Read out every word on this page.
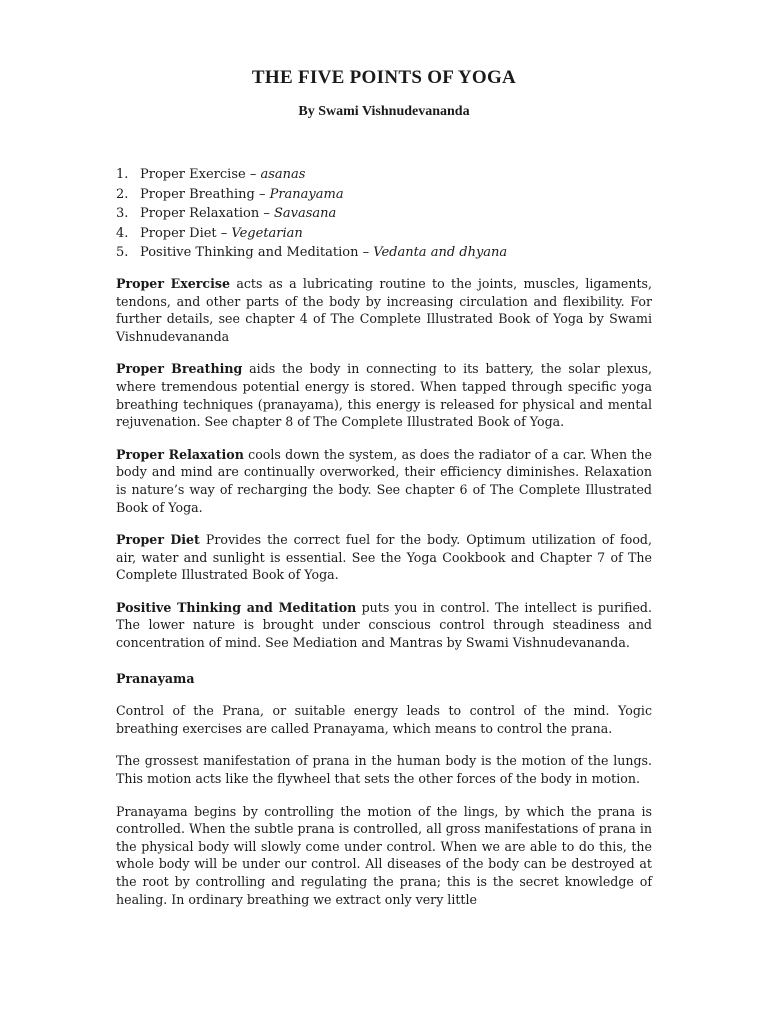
THE FIVE POINTS OF YOGA

By Swami Vishnudevananda

1. Proper Exercise – asanas
2. Proper Breathing – Pranayama
3. Proper Relaxation – Savasana
4. Proper Diet – Vegetarian
5. Positive Thinking and Meditation – Vedanta and dhyana

Proper Exercise acts as a lubricating routine to the joints, muscles, ligaments, tendons, and other parts of the body by increasing circulation and flexibility. For further details, see chapter 4 of The Complete Illustrated Book of Yoga by Swami Vishnudevananda

Proper Breathing aids the body in connecting to its battery, the solar plexus, where tremendous potential energy is stored. When tapped through specific yoga breathing techniques (pranayama), this energy is released for physical and mental rejuvenation. See chapter 8 of The Complete Illustrated Book of Yoga.

Proper Relaxation cools down the system, as does the radiator of a car. When the body and mind are continually overworked, their efficiency diminishes. Relaxation is nature’s way of recharging the body. See chapter 6 of The Complete Illustrated Book of Yoga.

Proper Diet Provides the correct fuel for the body. Optimum utilization of food, air, water and sunlight is essential. See the Yoga Cookbook and Chapter 7 of The Complete Illustrated Book of Yoga.

Positive Thinking and Meditation puts you in control. The intellect is purified. The lower nature is brought under conscious control through steadiness and concentration of mind. See Mediation and Mantras by Swami Vishnudevananda.

Pranayama

Control of the Prana, or suitable energy leads to control of the mind. Yogic breathing exercises are called Pranayama, which means to control the prana.

The grossest manifestation of prana in the human body is the motion of the lungs. This motion acts like the flywheel that sets the other forces of the body in motion.

Pranayama begins by controlling the motion of the lings, by which the prana is controlled. When the subtle prana is controlled, all gross manifestations of prana in the physical body will slowly come under control. When we are able to do this, the whole body will be under our control. All diseases of the body can be destroyed at the root by controlling and regulating the prana; this is the secret knowledge of healing. In ordinary breathing we extract only very little
